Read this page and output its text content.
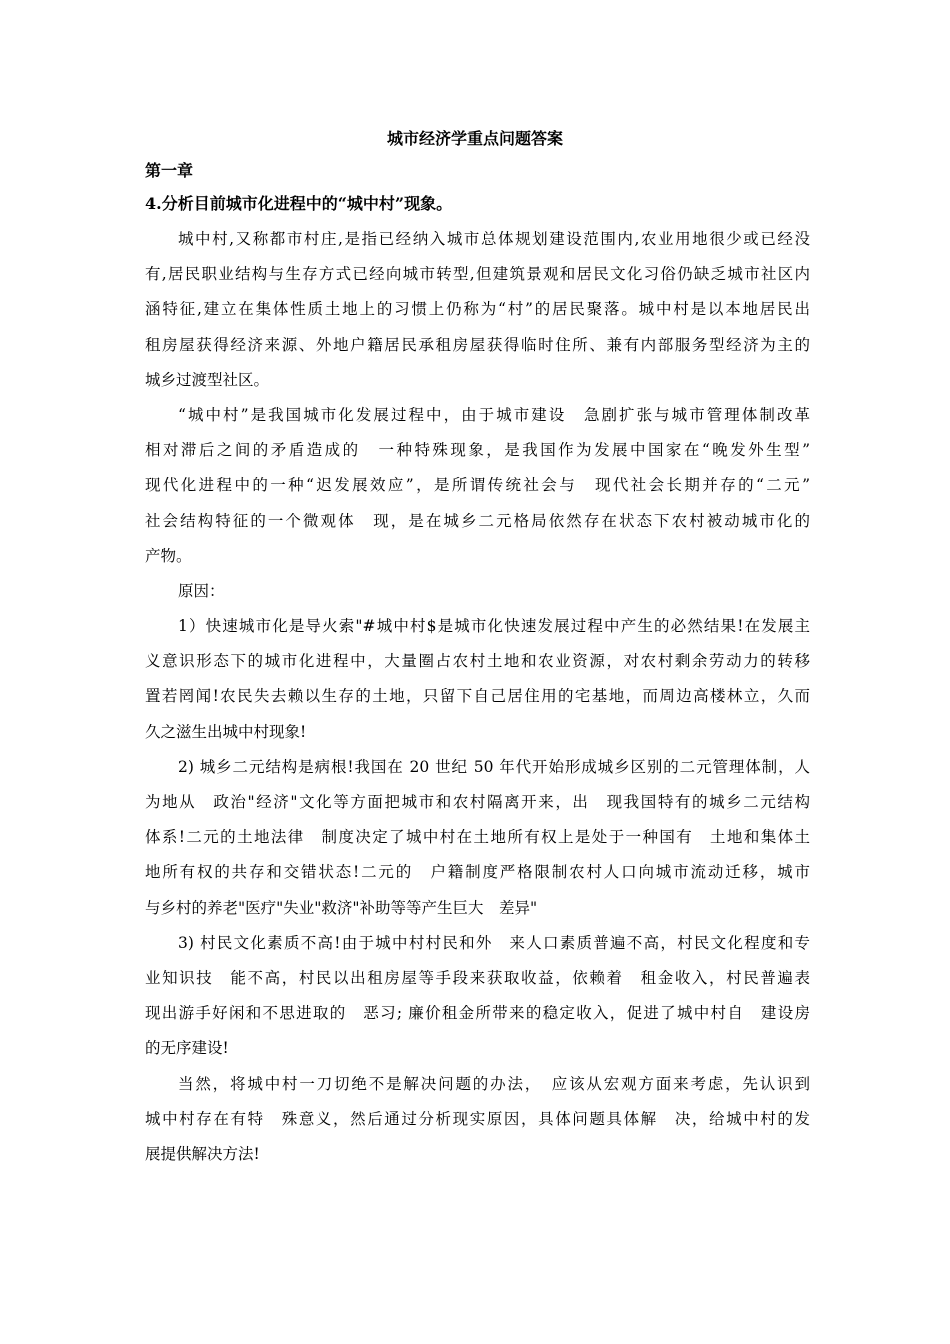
城市经济学重点问题答案
第一章
4.分析目前城市化进程中的“城中村”现象。
城中村,又称都市村庄,是指已经纳入城市总体规划建设范围内,农业用地很少或已经没
有,居民职业结构与生存方式已经向城市转型,但建筑景观和居民文化习俗仍缺乏城市社区内
涵特征,建立在集体性质土地上的习惯上仍称为“村”的居民聚落。城中村是以本地居民出
租房屋获得经济来源、外地户籍居民承租房屋获得临时住所、兼有内部服务型经济为主的
城乡过渡型社区。
“城中村”是我国城市化发展过程中，由于城市建设　急剧扩张与城市管理体制改革
相对滞后之间的矛盾造成的　一种特殊现象，是我国作为发展中国家在“晚发外生型”
现代化进程中的一种“迟发展效应”，是所谓传统社会与　现代社会长期并存的“二元”
社会结构特征的一个微观体　现，是在城乡二元格局依然存在状态下农村被动城市化的
产物。
原因：
1）快速城市化是导火索"#城中村$是城市化快速发展过程中产生的必然结果!在发展主
义意识形态下的城市化进程中，大量圈占农村土地和农业资源，对农村剩余劳动力的转移
置若罔闻!农民失去赖以生存的土地，只留下自己居住用的宅基地，而周边高楼林立，久而
久之滋生出城中村现象!
2) 城乡二元结构是病根!我国在 20 世纪 50 年代开始形成城乡区别的二元管理体制，人
为地从　政治"经济"文化等方面把城市和农村隔离开来，出　现我国特有的城乡二元结构
体系!二元的土地法律　制度决定了城中村在土地所有权上是处于一种国有　土地和集体土
地所有权的共存和交错状态!二元的　户籍制度严格限制农村人口向城市流动迁移，城市
与乡村的养老"医疗"失业"救济"补助等等产生巨大　差异"
3) 村民文化素质不高!由于城中村村民和外　来人口素质普遍不高，村民文化程度和专
业知识技　能不高，村民以出租房屋等手段来获取收益，依赖着　租金收入，村民普遍表
现出游手好闲和不思进取的　恶习; 廉价租金所带来的稳定收入，促进了城中村自　建设房
的无序建设!
当然，将城中村一刀切绝不是解决问题的办法，　应该从宏观方面来考虑，先认识到
城中村存在有特　殊意义，然后通过分析现实原因，具体问题具体解　决，给城中村的发
展提供解决方法!
